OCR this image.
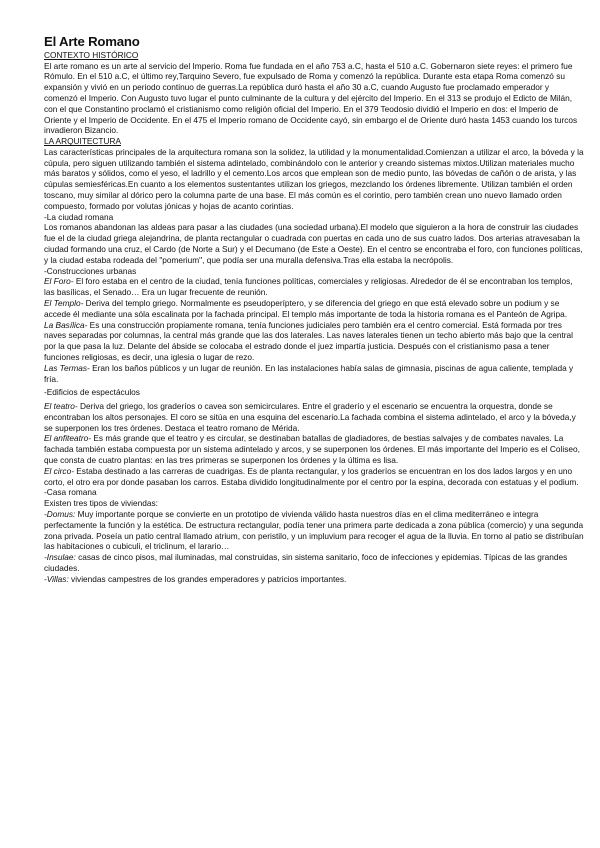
El Arte Romano

CONTEXTO HISTÓRICO

El arte romano es un arte al servicio del Imperio. Roma fue fundada en el año 753 a.C, hasta el 510 a.C. Gobernaron siete reyes: el primero fue Rómulo. En el 510 a.C, el último rey,Tarquino Severo, fue expulsado de Roma y comenzó la república. Durante esta etapa Roma comenzó su expansión y vivió en un periodo continuo de guerras.La república duró hasta el año 30 a.C, cuando Augusto fue proclamado emperador y comenzó el Imperio. Con Augusto tuvo lugar el punto culminante de la cultura y del ejército del Imperio. En el 313 se produjo el Edicto de Milán, con el que Constantino proclamó el cristianismo como religión oficial del Imperio. En el 379 Teodosio dividió el Imperio en dos: el Imperio de Oriente y el Imperio de Occidente. En el 475 el Imperio romano de Occidente cayó, sin embargo el de Oriente duró hasta 1453 cuando los turcos invadieron Bizancio.

LA ARQUITECTURA

Las características principales de la arquitectura romana son la solidez, la utilidad y la monumentalidad.Comienzan a utilizar el arco, la bóveda y la cúpula, pero siguen utilizando también el sistema adintelado, combinándolo con le anterior y creando sistemas mixtos.Utilizan materiales mucho más baratos y sólidos, como el yeso, el ladrillo y el cemento.Los arcos que emplean son de medio punto, las bóvedas de cañón o de arista, y las cúpulas semiesféricas.En cuanto a los elementos sustentantes utilizan los griegos, mezclando los órdenes libremente. Utilizan también el orden toscano, muy similar al dórico pero la columna parte de una base. El más común es el corintio, pero también crean uno nuevo llamado orden compuesto, formado por volutas jónicas y hojas de acanto corintias.

-La ciudad romana

Los romanos abandonan las aldeas para pasar a las ciudades (una sociedad urbana).El modelo que siguieron a la hora de construir las ciudades fue el de la ciudad griega alejandrina, de planta rectangular o cuadrada con puertas en cada uno de sus cuatro lados. Dos arterias atravesaban la ciudad formando una cruz, el Cardo (de Norte a Sur) y el Decumano (de Este a Oeste). En el centro se encontraba el foro, con funciones políticas, y la ciudad estaba rodeada del "pomerium", que podía ser una muralla defensiva.Tras ella estaba la necrópolis.

-Construcciones urbanas

El Foro- El foro estaba en el centro de la ciudad, tenía funciones políticas, comerciales y religiosas. Alrededor de él se encontraban los templos, las basílicas, el Senado… Era un lugar frecuente de reunión.

El Templo- Deriva del templo griego. Normalmente es pseudoperíptero, y se diferencia del griego en que está elevado sobre un podium y se accede él mediante una sóla escalinata por la fachada principal. El templo más importante de toda la historia romana es el Panteón de Agripa.

La Basílica- Es una construcción propiamente romana, tenía funciones judiciales pero también era el centro comercial. Está formada por tres naves separadas por columnas, la central más grande que las dos laterales. Las naves laterales tienen un techo abierto más bajo que la central por la que pasa la luz. Delante del ábside se colocaba el estrado donde el juez impartía justicia. Después con el cristianismo pasa a tener funciones religiosas, es decir, una iglesia o lugar de rezo.

Las Termas- Eran los baños públicos y un lugar de reunión. En las instalaciones había salas de gimnasia, piscinas de agua caliente, templada y fría.

-Edificios de espectáculos

El teatro- Deriva del griego, los graderíos o cavea son semicirculares. Entre el graderío y el escenario se encuentra la orquestra, donde se encontraban los altos personajes. El coro se sitúa en una esquina del escenario.La fachada combina el sistema adintelado, el arco y la bóveda,y se superponen los tres órdenes. Destaca el teatro romano de Mérida.

El anfiteatro- Es más grande que el teatro y es circular, se destinaban batallas de gladiadores, de bestias salvajes y de combates navales. La fachada también estaba compuesta por un sistema adintelado y arcos, y se superponen los órdenes. El más importante del Imperio es el Coliseo, que consta de cuatro plantas: en las tres primeras se superponen los órdenes y la última es lisa.

El circo- Estaba destinado a las carreras de cuadrigas. Es de planta rectangular, y los graderíos se encuentran en los dos lados largos y en uno corto, el otro era por donde pasaban los carros. Estaba dividido longitudinalmente por el centro por la espina, decorada con estatuas y el podium.

-Casa romana

Existen tres tipos de viviendas:

-Domus: Muy importante porque se convierte en un prototipo de vivienda válido hasta nuestros días en el clima mediterráneo e integra perfectamente la función y la estética. De estructura rectangular, podía tener una primera parte dedicada a zona pública (comercio) y una segunda zona privada. Poseía un patio central llamado atrium, con peristilo, y un impluvium para recoger el agua de la lluvia. En torno al patio se distribuían las habitaciones o cubiculi, el triclinum, el larario…

-Insulae: casas de cinco pisos, mal iluminadas, mal construidas, sin sistema sanitario, foco de infecciones y epidemias. Típicas de las grandes ciudades.

-Villas: viviendas campestres de los grandes emperadores y patricios importantes.
